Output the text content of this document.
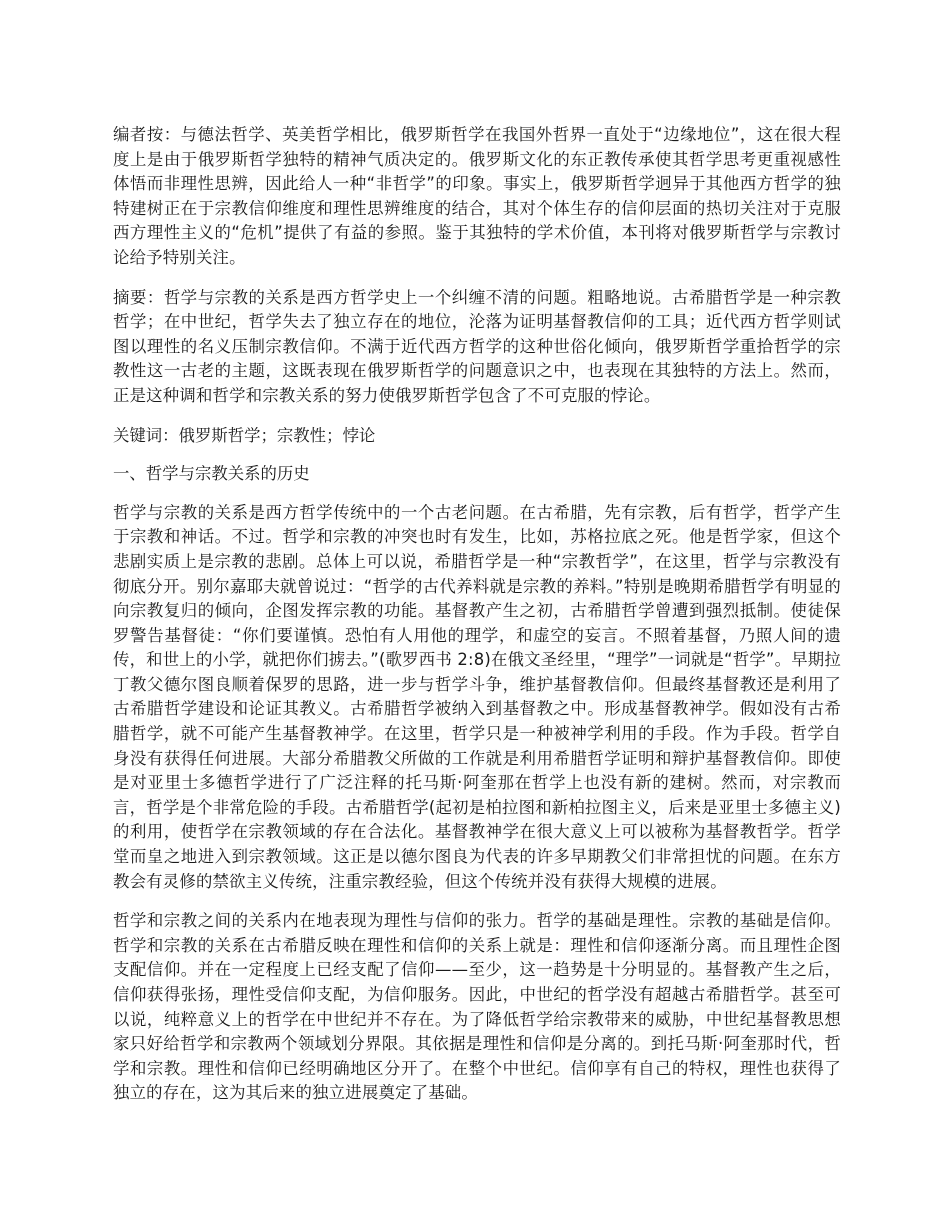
编者按：与德法哲学、英美哲学相比，俄罗斯哲学在我国外哲界一直处于“边缘地位”，这在很大程度上是由于俄罗斯哲学独特的精神气质决定的。俄罗斯文化的东正教传承使其哲学思考更重视感性体悟而非理性思辨，因此给人一种“非哲学”的印象。事实上，俄罗斯哲学迥异于其他西方哲学的独特建树正在于宗教信仰维度和理性思辨维度的结合，其对个体生存的信仰层面的热切关注对于克服西方理性主义的“危机”提供了有益的参照。鉴于其独特的学术价值，本刊将对俄罗斯哲学与宗教讨论给予特别关注。

摘要：哲学与宗教的关系是西方哲学史上一个纠缠不清的问题。粗略地说。古希腊哲学是一种宗教哲学；在中世纪，哲学失去了独立存在的地位，沦落为证明基督教信仰的工具；近代西方哲学则试图以理性的名义压制宗教信仰。不满于近代西方哲学的这种世俗化倾向，俄罗斯哲学重拾哲学的宗教性这一古老的主题，这既表现在俄罗斯哲学的问题意识之中，也表现在其独特的方法上。然而，正是这种调和哲学和宗教关系的努力使俄罗斯哲学包含了不可克服的悖论。

关键词：俄罗斯哲学；宗教性；悖论

一、哲学与宗教关系的历史

哲学与宗教的关系是西方哲学传统中的一个古老问题。在古希腊，先有宗教，后有哲学，哲学产生于宗教和神话。不过。哲学和宗教的冲突也时有发生，比如，苏格拉底之死。他是哲学家，但这个悲剧实质上是宗教的悲剧。总体上可以说，希腊哲学是一种“宗教哲学”，在这里，哲学与宗教没有彻底分开。别尔嘉耶夫就曾说过：“哲学的古代养料就是宗教的养料。”特别是晚期希腊哲学有明显的向宗教复归的倾向，企图发挥宗教的功能。基督教产生之初，古希腊哲学曾遭到强烈抵制。使徒保罗警告基督徒：“你们要谨慎。恐怕有人用他的理学，和虚空的妄言。不照着基督，乃照人间的遗传，和世上的小学，就把你们掳去。”(歌罗西书 2:8)在俄文圣经里，“理学”一词就是“哲学”。早期拉丁教父德尔图良顺着保罗的思路，进一步与哲学斗争，维护基督教信仰。但最终基督教还是利用了古希腊哲学建设和论证其教义。古希腊哲学被纳入到基督教之中。形成基督教神学。假如没有古希腊哲学，就不可能产生基督教神学。在这里，哲学只是一种被神学利用的手段。作为手段。哲学自身没有获得任何进展。大部分希腊教父所做的工作就是利用希腊哲学证明和辩护基督教信仰。即使是对亚里士多德哲学进行了广泛注释的托马斯·阿奎那在哲学上也没有新的建树。然而，对宗教而言，哲学是个非常危险的手段。古希腊哲学(起初是柏拉图和新柏拉图主义，后来是亚里士多德主义)的利用，使哲学在宗教领域的存在合法化。基督教神学在很大意义上可以被称为基督教哲学。哲学堂而皇之地进入到宗教领域。这正是以德尔图良为代表的许多早期教父们非常担忧的问题。在东方教会有灵修的禁欲主义传统，注重宗教经验，但这个传统并没有获得大规模的进展。

哲学和宗教之间的关系内在地表现为理性与信仰的张力。哲学的基础是理性。宗教的基础是信仰。哲学和宗教的关系在古希腊反映在理性和信仰的关系上就是：理性和信仰逐渐分离。而且理性企图支配信仰。并在一定程度上已经支配了信仰——至少，这一趋势是十分明显的。基督教产生之后，信仰获得张扬，理性受信仰支配，为信仰服务。因此，中世纪的哲学没有超越古希腊哲学。甚至可以说，纯粹意义上的哲学在中世纪并不存在。为了降低哲学给宗教带来的威胁，中世纪基督教思想家只好给哲学和宗教两个领域划分界限。其依据是理性和信仰是分离的。到托马斯·阿奎那时代，哲学和宗教。理性和信仰已经明确地区分开了。在整个中世纪。信仰享有自己的特权，理性也获得了独立的存在，这为其后来的独立进展奠定了基础。
